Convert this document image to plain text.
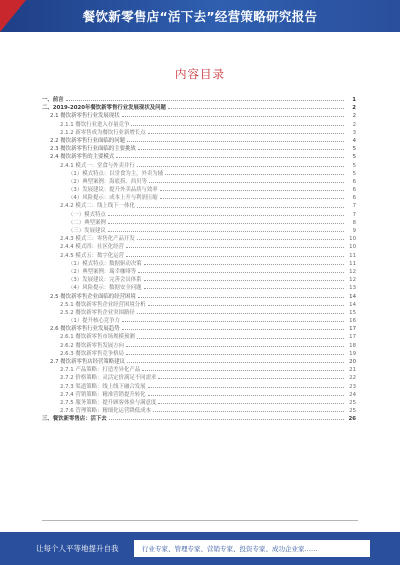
餐饮新零售店“活下去”经营策略研究报告
内容目录
一、前言	1
二、2019-2020年餐饮新零售行业发展现状及问题	2
2.1 餐饮新零售行业发展现状	2
2.1.1 餐饮行业进入存量竞争	2
2.1.2 新零售成为餐饮行业新增长点	3
2.2 餐饮新零售行业面临的问题	4
2.3 餐饮新零售行业面临的主要挑战	5
2.4 餐饮新零售的主要模式	5
2.4.1 模式一：堂食与外卖并行	5
（1）模式特点：以堂食为主，外卖为辅	5
（2）典型案例：海底捞、西贝等	6
（3）发展建议：提升外卖品质与效率	6
（4）风险提示：成本上升与利润压缩	6
2.4.2 模式二：线上线下一体化	7
（一）模式特点	7
（二）典型案例	8
（三）发展建议	9
2.4.3 模式三：零售化产品开发	10
2.4.4 模式四：社区化经营	10
2.4.5 模式五：数字化运营	11
（1）模式特点：数据驱动决策	11
（2）典型案例：瑞幸咖啡等	12
（3）发展建议：完善会员体系	12
（4）风险提示：数据安全问题	13
2.5 餐饮新零售企业面临的经营困境	14
2.5.1 餐饮新零售企业经营困境分析	14
2.5.2 餐饮新零售企业突围路径	15
（1）提升核心竞争力	16
2.6 餐饮新零售行业发展趋势	17
2.6.1 餐饮新零售市场规模预测	17
2.6.2 餐饮新零售发展方向	18
2.6.3 餐饮新零售竞争格局	19
2.7 餐饮新零售店经营策略建议	20
2.7.1 产品策略：打造差异化产品	21
2.7.2 价格策略：灵活定价满足不同需求	22
2.7.3 渠道策略：线上线下融合发展	23
2.7.4 营销策略：精准营销提升转化	24
2.7.5 服务策略：提升顾客体验与满意度	25
2.7.6 管理策略：精细化运营降低成本	25
三、餐饮新零售店：活下去	26
让每个人平等地提升自我	行业专家、管理专家、营销专家、投资专家、成功企业家……
